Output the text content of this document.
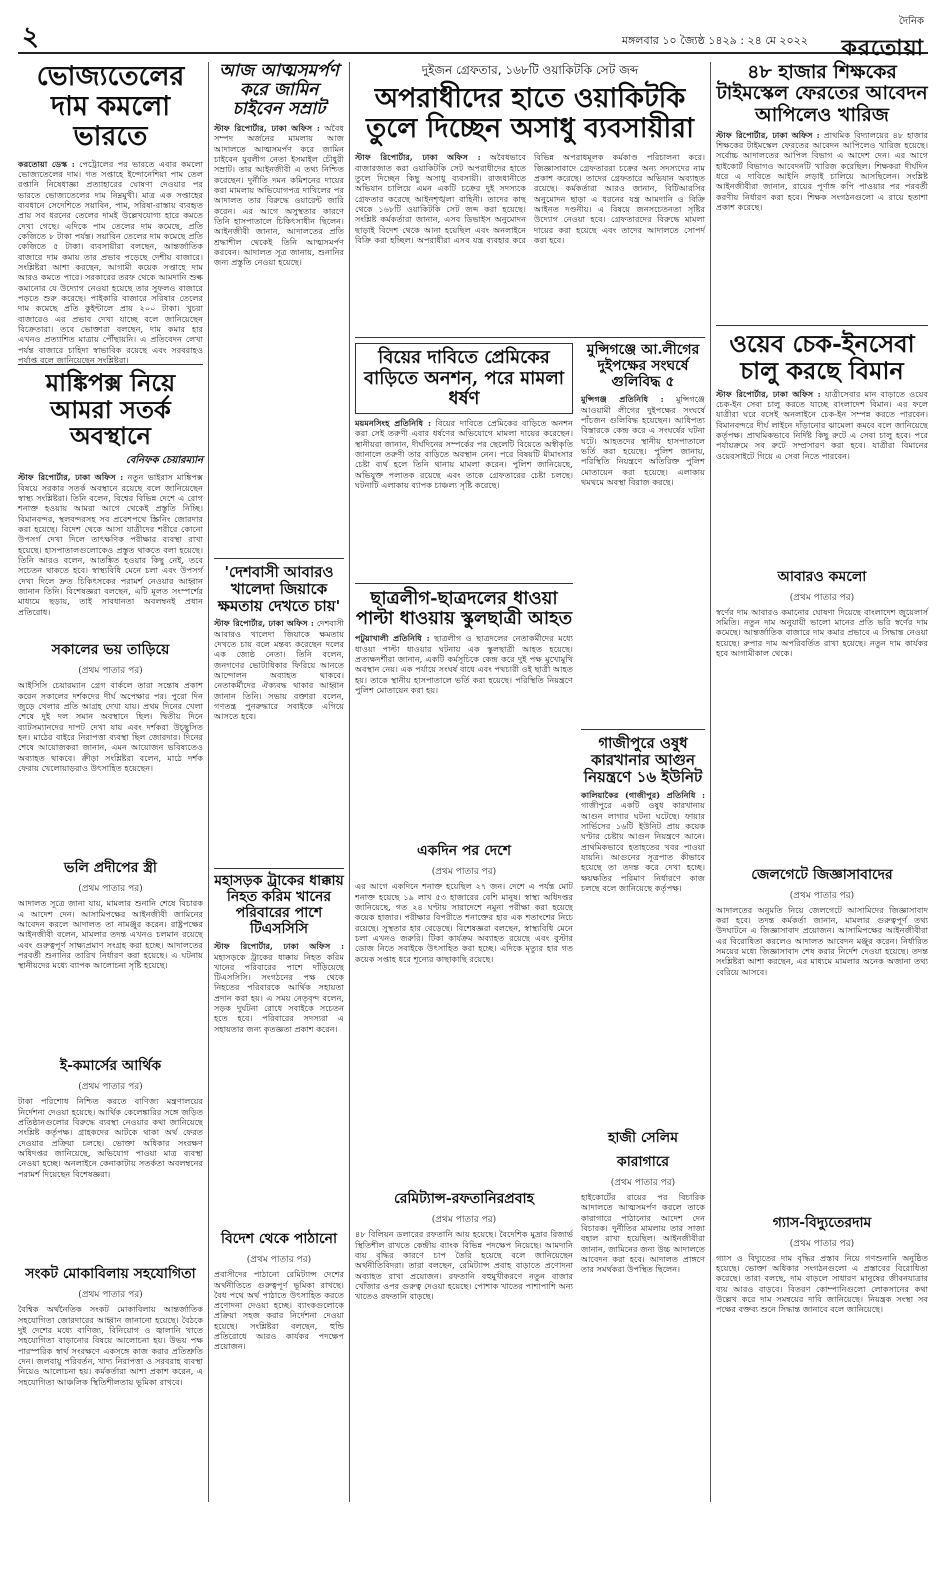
২	মঙ্গলবার ১০ জ্যৈষ্ঠ ১৪২৯ : ২৪ মে ২০২২
দৈনিক
করতোয়া
ভোজ্যতেলের দাম কমলো ভারতে
করতোয়া ডেস্ক : পেট্রোলের পর ভারতে এবার কমলো ভোজ্যতেলের দাম। গত সপ্তাহে ইন্দোনেশিয়া পাম তেল রপ্তানি নিষেধাজ্ঞা প্রত্যাহারের ঘোষণা দেওয়ার পর ভারতে ভোজ্যতেলের দাম নিম্নমুখী। মাত্র এক সপ্তাহের ব্যবধানে সেদেশিতে সয়াবিন, পাম, সরিষা-রাস্তায় ব্যবহৃত প্রায় সব ধরনের তেলের দামই উল্লেখযোগ্য হারে কমতে দেখা গেছে। এদিকে পাম তেলের দাম কমেছে, প্রতি কেজিতে ৮ টাকা পর্যন্ত। সয়াবিন তেলের দাম কমেছে প্রতি কেজিতে ৫ টাকা। ব্যবসায়ীরা বলছেন, আন্তর্জাতিক বাজারে দাম কমায় তার প্রভাব পড়েছে দেশীয় বাজারে। সংশ্লিষ্টরা আশা করছেন, আগামী কয়েক সপ্তাহে দাম আরও কমতে পারে। সরকারের তরফ থেকে আমদানি শুল্ক কমানোর যে উদ্যোগ নেওয়া হয়েছে তার সুফলও বাজারে পড়তে শুরু করেছে। পাইকারি বাজারে সরিষার তেলের দাম কমেছে প্রতি কুইন্টালে প্রায় ২০০ টাকা। খুচরা বাজারেও এর প্রভাব দেখা যাচ্ছে বলে জানিয়েছেন বিক্রেতারা। তবে ভোক্তারা বলছেন, দাম কমার হার এখনও প্রত্যাশিত মাত্রায় পৌঁছায়নি। এ প্রতিবেদন লেখা পর্যন্ত বাজারে চাহিদা স্বাভাবিক রয়েছে এবং সরবরাহও পর্যাপ্ত বলে জানিয়েছেন সংশ্লিষ্টরা।
মাঙ্কিপক্স নিয়ে আমরা সতর্ক অবস্থানে
বেনিফক চেয়ারম্যান
স্টাফ রিপোর্টার, ঢাকা অফিস : নতুন ভাইরাস মাঙ্কিপক্স বিষয়ে সরকার সতর্ক অবস্থানে রয়েছে বলে জানিয়েছেন স্বাস্থ্য সংশ্লিষ্টরা। তিনি বলেন, বিশ্বের বিভিন্ন দেশে এ রোগ শনাক্ত হওয়ায় আমরা আগে থেকেই প্রস্তুতি নিচ্ছি। বিমানবন্দর, স্থলবন্দরসহ সব প্রবেশপথে স্ক্রিনিং জোরদার করা হয়েছে। বিদেশ থেকে আসা যাত্রীদের শরীরে কোনো উপসর্গ দেখা দিলে তাৎক্ষণিক পরীক্ষার ব্যবস্থা রাখা হয়েছে। হাসপাতালগুলোকেও প্রস্তুত থাকতে বলা হয়েছে। তিনি আরও বলেন, আতঙ্কিত হওয়ার কিছু নেই, তবে সচেতন থাকতে হবে। স্বাস্থ্যবিধি মেনে চলা এবং উপসর্গ দেখা দিলে দ্রুত চিকিৎসকের পরামর্শ নেওয়ার আহ্বান জানান তিনি। বিশেষজ্ঞরা বলছেন, এটি মূলত সংস্পর্শের মাধ্যমে ছড়ায়, তাই সাবধানতা অবলম্বনই প্রধান প্রতিরোধ।
সকালের ভয় তাড়িয়ে
(প্রথম পাতার পর)
আইসিসি চেয়ারম্যান গ্রেগ বার্কলে তারা সন্তোষ প্রকাশ করেন সকালের দর্শকদের দীর্ঘ অপেক্ষার পর। পুরো দিন জুড়ে খেলার প্রতি আগ্রহ দেখা যায়। প্রথম দিনের খেলা শেষে দুই দল সমান অবস্থানে ছিল। দ্বিতীয় দিনে ব্যাটসম্যানদের দাপট দেখা যায় এবং দর্শকরা উচ্ছ্বসিত হন। মাঠের বাইরে নিরাপত্তা ব্যবস্থা ছিল জোরদার। দিনের শেষে আয়োজকরা জানান, এমন আয়োজন ভবিষ্যতেও অব্যাহত থাকবে। ক্রীড়া সংশ্লিষ্টরা বলেন, মাঠে দর্শক ফেরায় খেলোয়াড়রাও উৎসাহিত হয়েছেন।
ভলি প্রদীপের স্ত্রী
(প্রথম পাতার পর)
আদালত সূত্রে জানা যায়, মামলার শুনানি শেষে বিচারক এ আদেশ দেন। আসামিপক্ষের আইনজীবী জামিনের আবেদন করলে আদালত তা নামঞ্জুর করেন। রাষ্ট্রপক্ষের আইনজীবী বলেন, মামলার তদন্ত এখনও চলমান রয়েছে এবং গুরুত্বপূর্ণ সাক্ষ্যপ্রমাণ সংগ্রহ করা হচ্ছে। আদালতের পরবর্তী শুনানির তারিখ নির্ধারণ করা হয়েছে। এ ঘটনায় স্থানীয়দের মধ্যে ব্যাপক আলোচনা সৃষ্টি হয়েছে।
ই-কমার্সের আর্থিক
(প্রথম পাতার পর)
টাকা পরিশোধ নিশ্চিত করতে বাণিজ্য মন্ত্রণালয়ের নির্দেশনা দেওয়া হয়েছে। আর্থিক কেলেঙ্কারির সঙ্গে জড়িত প্রতিষ্ঠানগুলোর বিরুদ্ধে ব্যবস্থা নেওয়ার কথা জানিয়েছে সংশ্লিষ্ট কর্তৃপক্ষ। গ্রাহকদের আটকে থাকা অর্থ ফেরত দেওয়ার প্রক্রিয়া চলছে। ভোক্তা অধিকার সংরক্ষণ অধিদপ্তর জানিয়েছে, অভিযোগ পাওয়া মাত্র ব্যবস্থা নেওয়া হচ্ছে। অনলাইনে কেনাকাটায় সতর্কতা অবলম্বনের পরামর্শ দিয়েছেন বিশেষজ্ঞরা।
সংকট মোকাবিলায় সহযোগিতা
(প্রথম পাতার পর)
বৈশ্বিক অর্থনৈতিক সংকট মোকাবিলায় আন্তর্জাতিক সহযোগিতা জোরদারের আহ্বান জানানো হয়েছে। বৈঠকে দুই দেশের মধ্যে বাণিজ্য, বিনিয়োগ ও জ্বালানি খাতে সহযোগিতা বাড়ানোর বিষয়ে আলোচনা হয়। উভয় পক্ষ পারস্পরিক স্বার্থ সংরক্ষণে একসঙ্গে কাজ করার প্রতিশ্রুতি দেন। জলবায়ু পরিবর্তন, খাদ্য নিরাপত্তা ও সরবরাহ ব্যবস্থা নিয়েও আলোচনা হয়। কর্মকর্তারা আশা প্রকাশ করেন, এ সহযোগিতা আঞ্চলিক স্থিতিশীলতায় ভূমিকা রাখবে।
আজ আত্মসমর্পণ করে জামিন চাইবেন সম্রাট
স্টাফ রিপোর্টার, ঢাকা অফিস : অবৈধ সম্পদ অর্জনের মামলায় আজ আদালতে আত্মসমর্পণ করে জামিন চাইবেন যুবলীগ নেতা ইসমাইল চৌধুরী সম্রাট। তার আইনজীবী এ তথ্য নিশ্চিত করেছেন। দুর্নীতি দমন কমিশনের দায়ের করা মামলায় অভিযোগপত্র দাখিলের পর আদালত তার বিরুদ্ধে ওয়ারেন্ট জারি করেন। এর আগে অসুস্থতার কারণে তিনি হাসপাতালে চিকিৎসাধীন ছিলেন। আইনজীবী জানান, আদালতের প্রতি শ্রদ্ধাশীল থেকেই তিনি আত্মসমর্পণ করবেন। আদালত সূত্র জানায়, শুনানির জন্য প্রস্তুতি নেওয়া হয়েছে।
'দেশবাসী আবারও খালেদা জিয়াকে ক্ষমতায় দেখতে চায়'
স্টাফ রিপোর্টার, ঢাকা অফিস : দেশবাসী আবারও খালেদা জিয়াকে ক্ষমতায় দেখতে চায় বলে মন্তব্য করেছেন দলের এক জ্যেষ্ঠ নেতা। তিনি বলেন, জনগণের ভোটাধিকার ফিরিয়ে আনতে আন্দোলন অব্যাহত থাকবে। নেতাকর্মীদের ঐক্যবদ্ধ থাকার আহ্বান জানান তিনি। সভায় বক্তারা বলেন, গণতন্ত্র পুনরুদ্ধারে সবাইকে এগিয়ে আসতে হবে।
মহাসড়ক ট্রাকের ধাক্কায় নিহত করিম খানের পরিবারের পাশে টিএসসিসি
স্টাফ রিপোর্টার, ঢাকা অফিস : মহাসড়কে ট্রাকের ধাক্কায় নিহত করিম খানের পরিবারের পাশে দাঁড়িয়েছে টিএসসিসি। সংগঠনের পক্ষ থেকে নিহতের পরিবারকে আর্থিক সহায়তা প্রদান করা হয়। এ সময় নেতৃবৃন্দ বলেন, সড়ক দুর্ঘটনা রোধে সবাইকে সচেতন হতে হবে। পরিবারের সদস্যরা এ সহায়তার জন্য কৃতজ্ঞতা প্রকাশ করেন।
বিদেশ থেকে পাঠানো
(প্রথম পাতার পর)
প্রবাসীদের পাঠানো রেমিট্যান্স দেশের অর্থনীতিতে গুরুত্বপূর্ণ ভূমিকা রাখছে। বৈধ পথে অর্থ পাঠাতে উৎসাহিত করতে প্রণোদনা দেওয়া হচ্ছে। ব্যাংকগুলোকে প্রক্রিয়া সহজ করার নির্দেশনা দেওয়া হয়েছে। সংশ্লিষ্টরা বলছেন, হুন্ডি প্রতিরোধে আরও কার্যকর পদক্ষেপ প্রয়োজন।
দুইজন গ্রেফতার, ১৬৮টি ওয়াকিটকি সেট জব্দ
অপরাধীদের হাতে ওয়াকিটকি তুলে দিচ্ছেন অসাধু ব্যবসায়ীরা
স্টাফ রিপোর্টার, ঢাকা অফিস : অবৈধভাবে বাজারজাত করা ওয়াকিটকি সেট অপরাধীদের হাতে তুলে দিচ্ছেন কিছু অসাধু ব্যবসায়ী। রাজধানীতে অভিযান চালিয়ে এমন একটি চক্রের দুই সদস্যকে গ্রেফতার করেছে আইনশৃঙ্খলা বাহিনী। তাদের কাছ থেকে ১৬৮টি ওয়াকিটকি সেট জব্দ করা হয়েছে। সংশ্লিষ্ট কর্মকর্তারা জানান, এসব ডিভাইস অনুমোদন ছাড়াই বিদেশ থেকে আনা হয়েছিল এবং অনলাইনে বিক্রি করা হচ্ছিল। অপরাধীরা এসব যন্ত্র ব্যবহার করে বিভিন্ন অপরাধমূলক কর্মকাণ্ড পরিচালনা করে। জিজ্ঞাসাবাদে গ্রেফতাররা চক্রের অন্য সদস্যদের নাম প্রকাশ করেছে। তাদের গ্রেফতারে অভিযান অব্যাহত রয়েছে। কর্মকর্তারা আরও জানান, বিটিআরসির অনুমোদন ছাড়া এ ধরনের যন্ত্র আমদানি ও বিক্রি আইনত দণ্ডনীয়। এ বিষয়ে জনসচেতনতা সৃষ্টির উদ্যোগ নেওয়া হবে। গ্রেফতারদের বিরুদ্ধে মামলা দায়ের করা হয়েছে এবং তাদের আদালতে সোপর্দ করা হবে।
বিয়ের দাবিতে প্রেমিকের বাড়িতে অনশন, পরে মামলা ধর্ষণ
ময়মনসিংহ প্রতিনিধি : বিয়ের দাবিতে প্রেমিকের বাড়িতে অনশন করা সেই তরুণী এবার ধর্ষণের অভিযোগে মামলা দায়ের করেছেন। স্থানীয়রা জানান, দীর্ঘদিনের সম্পর্কের পর ছেলেটি বিয়েতে অস্বীকৃতি জানালে তরুণী তার বাড়িতে অবস্থান নেন। পরে বিষয়টি মীমাংসার চেষ্টা ব্যর্থ হলে তিনি থানায় মামলা করেন। পুলিশ জানিয়েছে, অভিযুক্ত পলাতক রয়েছে এবং তাকে গ্রেফতারের চেষ্টা চলছে। ঘটনাটি এলাকায় ব্যাপক চাঞ্চল্য সৃষ্টি করেছে।
ছাত্রলীগ-ছাত্রদলের ধাওয়া পাল্টা ধাওয়ায় স্কুলছাত্রী আহত
পটুয়াখালী প্রতিনিধি : ছাত্রলীগ ও ছাত্রদলের নেতাকর্মীদের মধ্যে ধাওয়া পাল্টা ধাওয়ার ঘটনায় এক স্কুলছাত্রী আহত হয়েছে। প্রত্যক্ষদর্শীরা জানান, একটি কর্মসূচিকে কেন্দ্র করে দুই পক্ষ মুখোমুখি অবস্থান নেয়। এক পর্যায়ে সংঘর্ষ বাধে এবং পথচারী ওই ছাত্রী আহত হয়। তাকে স্থানীয় হাসপাতালে ভর্তি করা হয়েছে। পরিস্থিতি নিয়ন্ত্রণে পুলিশ মোতায়েন করা হয়।
একদিন পর দেশে
(প্রথম পাতার পর)
এর আগে একদিনে শনাক্ত হয়েছিল ২৭ জন। দেশে এ পর্যন্ত মোট শনাক্ত হয়েছে ১৯ লাখ ৫৩ হাজারের বেশি মানুষ। স্বাস্থ্য অধিদপ্তর জানিয়েছে, গত ২৪ ঘণ্টায় সারাদেশে নমুনা পরীক্ষা করা হয়েছে কয়েক হাজার। পরীক্ষার বিপরীতে শনাক্তের হার এক শতাংশের নিচে রয়েছে। সুস্থতার হার বেড়েছে। বিশেষজ্ঞরা বলছেন, স্বাস্থ্যবিধি মেনে চলা এখনও জরুরি। টিকা কার্যক্রম অব্যাহত রয়েছে এবং বুস্টার ডোজ নিতে সবাইকে উৎসাহিত করা হচ্ছে। এদিকে মৃত্যুর হার গত কয়েক সপ্তাহ ধরে শূন্যের কাছাকাছি রয়েছে।
রেমিট্যান্স-রফতানিরপ্রবাহ
(প্রথম পাতার পর)
৪৮ বিলিয়ন ডলারের রফতানি আয় হয়েছে। বৈদেশিক মুদ্রার রিজার্ভ স্থিতিশীল রাখতে কেন্দ্রীয় ব্যাংক বিভিন্ন পদক্ষেপ নিয়েছে। আমদানি ব্যয় বৃদ্ধির কারণে চাপ তৈরি হয়েছে বলে জানিয়েছেন অর্থনীতিবিদরা। তারা বলছেন, রেমিট্যান্স প্রবাহ বাড়াতে প্রণোদনা অব্যাহত রাখা প্রয়োজন। রফতানি বহুমুখীকরণে নতুন বাজার খোঁজার ওপর গুরুত্ব দেওয়া হয়েছে। পোশাক খাতের পাশাপাশি অন্য খাতেও রফতানি বাড়ছে।
মুন্সিগঞ্জে আ.লীগের দুইপক্ষের সংঘর্ষে গুলিবিদ্ধ ৫
মুন্সিগঞ্জ প্রতিনিধি : মুন্সিগঞ্জে আওয়ামী লীগের দুইপক্ষের সংঘর্ষে পাঁচজন গুলিবিদ্ধ হয়েছেন। আধিপত্য বিস্তারকে কেন্দ্র করে এ সংঘর্ষের ঘটনা ঘটে। আহতদের স্থানীয় হাসপাতালে ভর্তি করা হয়েছে। পুলিশ জানায়, পরিস্থিতি নিয়ন্ত্রণে অতিরিক্ত পুলিশ মোতায়েন করা হয়েছে। এলাকায় থমথমে অবস্থা বিরাজ করছে।
গাজীপুরে ওষুধ কারখানার আগুন নিয়ন্ত্রণে ১৬ ইউনিট
কালিয়াকৈর (গাজীপুর) প্রতিনিধি : গাজীপুরে একটি ওষুধ কারখানায় আগুন লাগার ঘটনা ঘটেছে। ফায়ার সার্ভিসের ১৬টি ইউনিট প্রায় কয়েক ঘণ্টার চেষ্টায় আগুন নিয়ন্ত্রণে আনে। প্রাথমিকভাবে হতাহতের খবর পাওয়া যায়নি। আগুনের সূত্রপাত কীভাবে হয়েছে তা তদন্ত করে দেখা হচ্ছে। ক্ষয়ক্ষতির পরিমাণ নির্ধারণে কাজ চলছে বলে জানিয়েছে কর্তৃপক্ষ।
হাজী সেলিম কারাগারে
(প্রথম পাতার পর)
হাইকোর্টের রায়ের পর বিচারিক আদালতে আত্মসমর্পণ করলে তাকে কারাগারে পাঠানোর আদেশ দেন বিচারক। দুর্নীতির মামলায় তার সাজা বহাল রাখা হয়েছিল। আইনজীবীরা জানান, জামিনের জন্য উচ্চ আদালতে আবেদন করা হবে। আদালত প্রাঙ্গণে তার সমর্থকরা উপস্থিত ছিলেন।
৪৮ হাজার শিক্ষকের টাইমস্কেল ফেরতের আবেদন আপিলেও খারিজ
স্টাফ রিপোর্টার, ঢাকা অফিস : প্রাথমিক বিদ্যালয়ের ৪৮ হাজার শিক্ষকের টাইমস্কেল ফেরতের আবেদন আপিলেও খারিজ হয়েছে। সর্বোচ্চ আদালতের আপিল বিভাগ এ আদেশ দেন। এর আগে হাইকোর্ট বিভাগও আবেদনটি খারিজ করেছিল। শিক্ষকরা দীর্ঘদিন ধরে এ দাবিতে আইনি লড়াই চালিয়ে আসছিলেন। সংশ্লিষ্ট আইনজীবীরা জানান, রায়ের পূর্ণাঙ্গ কপি পাওয়ার পর পরবর্তী করণীয় নির্ধারণ করা হবে। শিক্ষক সংগঠনগুলো এ রায়ে হতাশা প্রকাশ করেছে।
ওয়েব চেক-ইনসেবা চালু করছে বিমান
স্টাফ রিপোর্টার, ঢাকা অফিস : যাত্রীসেবার মান বাড়াতে ওয়েব চেক-ইন সেবা চালু করতে যাচ্ছে বাংলাদেশ বিমান। এর ফলে যাত্রীরা ঘরে বসেই অনলাইনে চেক-ইন সম্পন্ন করতে পারবেন। বিমানবন্দরে দীর্ঘ লাইনে দাঁড়ানোর ঝামেলা কমবে বলে জানিয়েছে কর্তৃপক্ষ। প্রাথমিকভাবে নির্দিষ্ট কিছু রুটে এ সেবা চালু হবে। পরে পর্যায়ক্রমে সব রুটে সম্প্রসারণ করা হবে। যাত্রীরা বিমানের ওয়েবসাইটে গিয়ে এ সেবা নিতে পারবেন।
আবারও কমলো
(প্রথম পাতার পর)
স্বর্ণের দাম আবারও কমানোর ঘোষণা দিয়েছে বাংলাদেশ জুয়েলার্স সমিতি। নতুন দাম অনুযায়ী ভালো মানের প্রতি ভরি স্বর্ণের দাম কমেছে। আন্তর্জাতিক বাজারে দাম কমার প্রভাবে এ সিদ্ধান্ত নেওয়া হয়েছে। রুপার দাম অপরিবর্তিত রাখা হয়েছে। নতুন দাম কার্যকর হবে আগামীকাল থেকে।
জেলগেটে জিজ্ঞাসাবাদের
(প্রথম পাতার পর)
আদালতের অনুমতি নিয়ে জেলগেটে আসামিদের জিজ্ঞাসাবাদ করা হবে। তদন্ত কর্মকর্তা জানান, মামলার গুরুত্বপূর্ণ তথ্য উদঘাটনে এ জিজ্ঞাসাবাদ প্রয়োজন। আসামিপক্ষের আইনজীবীরা এর বিরোধিতা করলেও আদালত আবেদন মঞ্জুর করেন। নির্ধারিত সময়ের মধ্যে জিজ্ঞাসাবাদ শেষ করার নির্দেশ দেওয়া হয়েছে। তদন্ত সংশ্লিষ্টরা আশা করছেন, এর মাধ্যমে মামলার অনেক অজানা তথ্য বেরিয়ে আসবে।
গ্যাস-বিদ্যুতেরদাম
(প্রথম পাতার পর)
গ্যাস ও বিদ্যুতের দাম বৃদ্ধির প্রস্তাব নিয়ে গণশুনানি অনুষ্ঠিত হয়েছে। ভোক্তা অধিকার সংগঠনগুলো এ প্রস্তাবের বিরোধিতা করেছে। তারা বলছে, দাম বাড়লে সাধারণ মানুষের জীবনযাত্রার ব্যয় আরও বাড়বে। বিতরণ কোম্পানিগুলো লোকসানের কথা উল্লেখ করে দাম সমন্বয়ের দাবি জানিয়েছে। নিয়ন্ত্রক সংস্থা সব পক্ষের বক্তব্য শুনে সিদ্ধান্ত জানাবে বলে জানিয়েছে।
